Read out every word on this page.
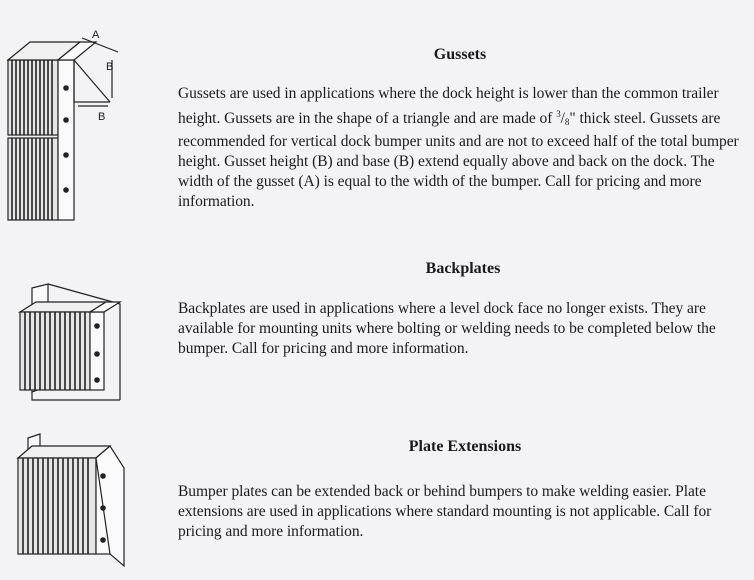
A
B
B
Gussets

Gussets are used in applications where the dock height is lower than the common trailer height. Gussets are in the shape of a triangle and are made of $^3/_8$" thick steel. Gussets are recommended for vertical dock bumper units and are not to exceed half of the total bumper height. Gusset height (B) and base (B) extend equally above and back on the dock. The width of the gusset (A) is equal to the width of the bumper. Call for pricing and more information.

Backplates

Backplates are used in applications where a level dock face no longer exists. They are available for mounting units where bolting or welding needs to be completed below the bumper. Call for pricing and more information.

Plate Extensions

Bumper plates can be extended back or behind bumpers to make welding easier. Plate extensions are used in applications where standard mounting is not applicable. Call for pricing and more information.
